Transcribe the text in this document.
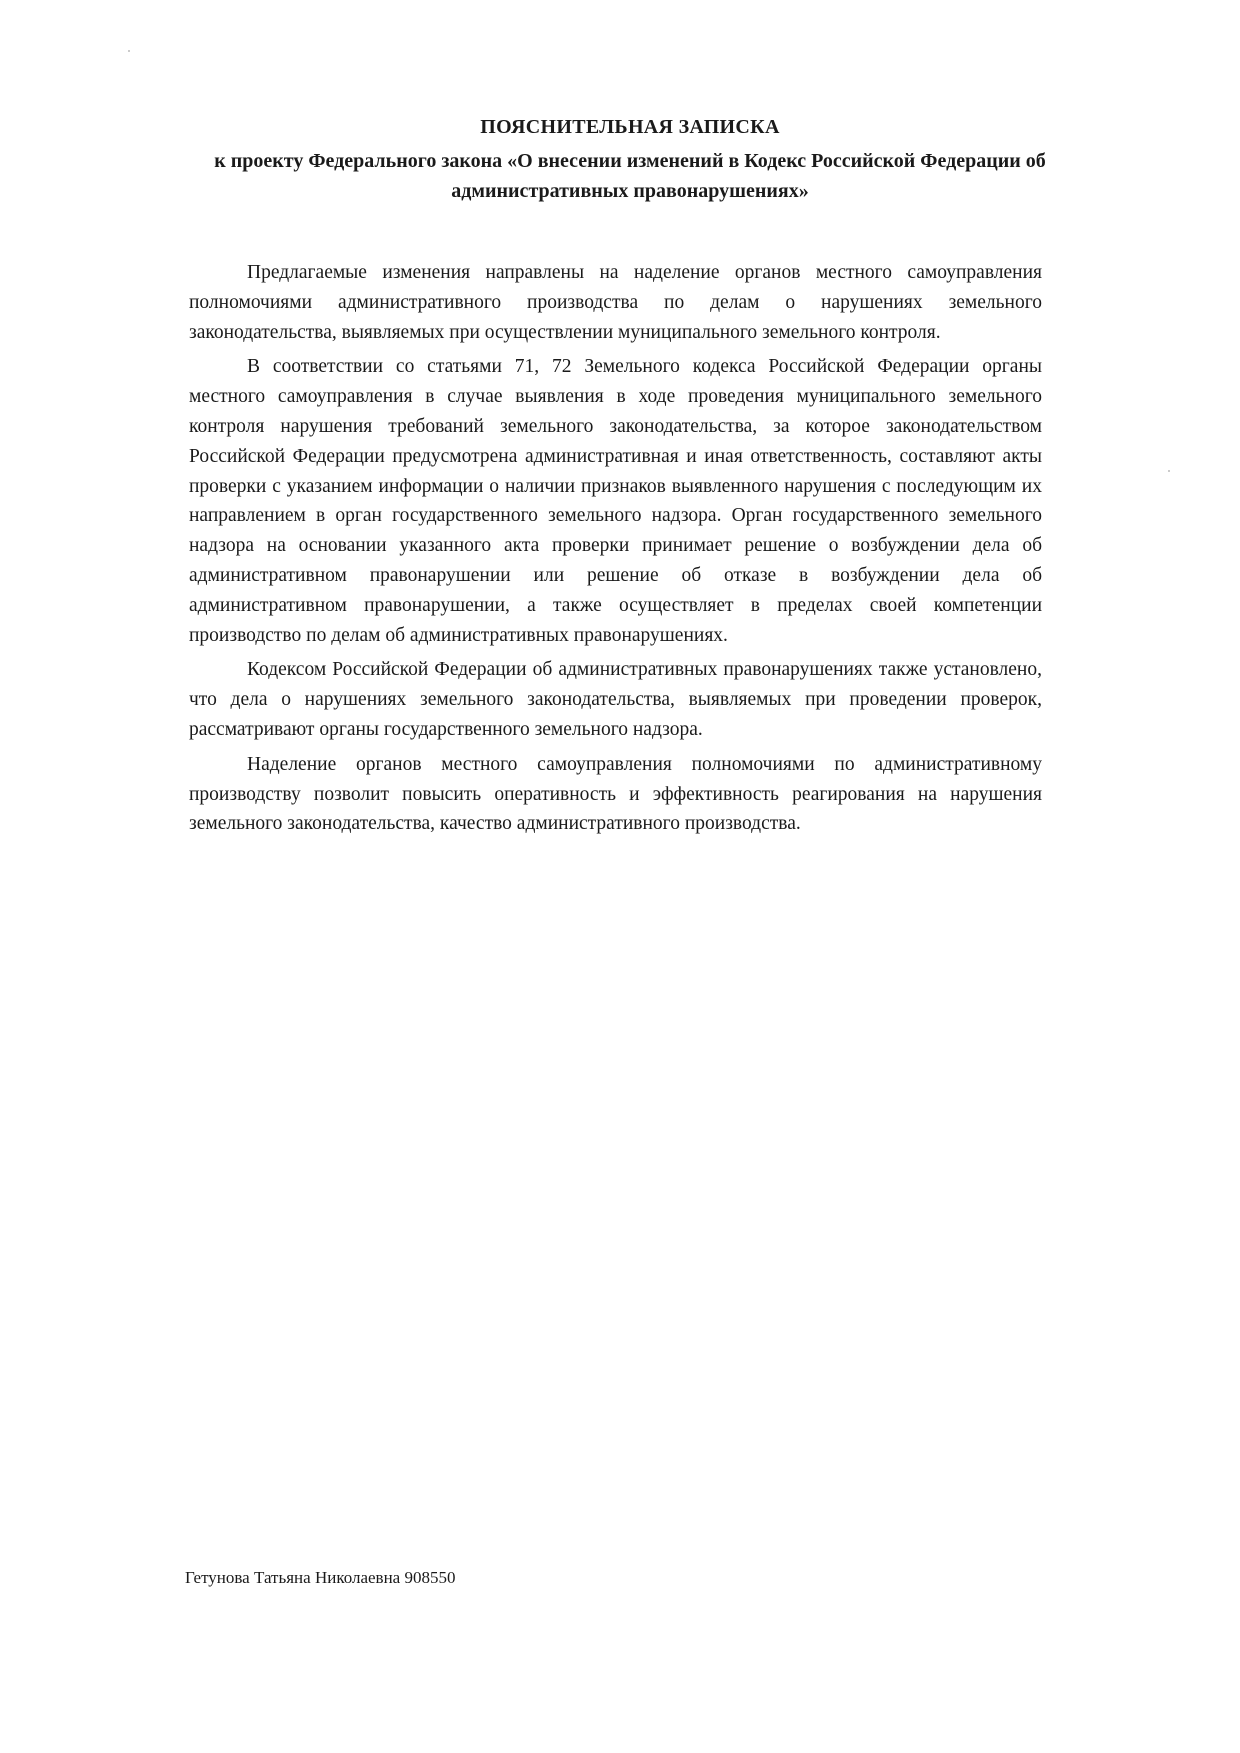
ПОЯСНИТЕЛЬНАЯ ЗАПИСКА

к проекту Федерального закона «О внесении изменений в Кодекс Российской Федерации об административных правонарушениях»

Предлагаемые изменения направлены на наделение органов местного самоуправления полномочиями административного производства по делам о нарушениях земельного законодательства, выявляемых при осуществлении муниципального земельного контроля.

В соответствии со статьями 71, 72 Земельного кодекса Российской Федерации органы местного самоуправления в случае выявления в ходе проведения муниципального земельного контроля нарушения требований земельного законодательства, за которое законодательством Российской Федерации предусмотрена административная и иная ответственность, составляют акты проверки с указанием информации о наличии признаков выявленного нарушения с последующим их направлением в орган государственного земельного надзора. Орган государственного земельного надзора на основании указанного акта проверки принимает решение о возбуждении дела об административном правонарушении или решение об отказе в возбуждении дела об административном правонарушении, а также осуществляет в пределах своей компетенции производство по делам об административных правонарушениях.

Кодексом Российской Федерации об административных правонарушениях также установлено, что дела о нарушениях земельного законодательства, выявляемых при проведении проверок, рассматривают органы государственного земельного надзора.

Наделение органов местного самоуправления полномочиями по административному производству позволит повысить оперативность и эффективность реагирования на нарушения земельного законодательства, качество административного производства.

Гетунова Татьяна Николаевна 908550
